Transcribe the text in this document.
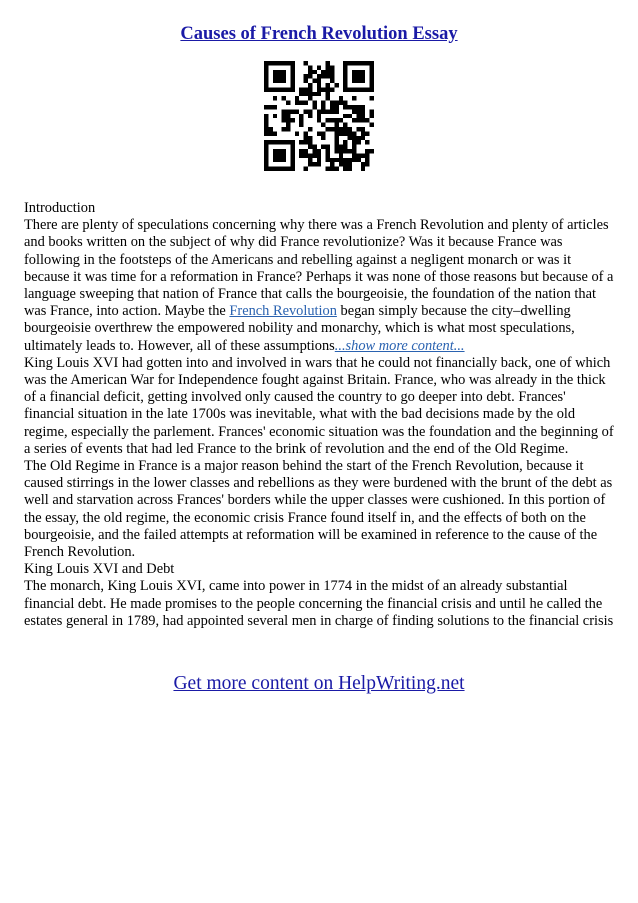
Causes of French Revolution Essay

Introduction

There are plenty of speculations concerning why there was a French Revolution and plenty of articles and books written on the subject of why did France revolutionize? Was it because France was following in the footsteps of the Americans and rebelling against a negligent monarch or was it because it was time for a reformation in France? Perhaps it was none of those reasons but because of a language sweeping that nation of France that calls the bourgeoisie, the foundation of the nation that was France, into action. Maybe the French Revolution began simply because the city–dwelling bourgeoisie overthrew the empowered nobility and monarchy, which is what most speculations, ultimately leads to. However, all of these assumptions...show more content...

King Louis XVI had gotten into and involved in wars that he could not financially back, one of which was the American War for Independence fought against Britain. France, who was already in the thick of a financial deficit, getting involved only caused the country to go deeper into debt. Frances' financial situation in the late 1700s was inevitable, what with the bad decisions made by the old regime, especially the parlement. Frances' economic situation was the foundation and the beginning of a series of events that had led France to the brink of revolution and the end of the Old Regime.

The Old Regime in France is a major reason behind the start of the French Revolution, because it caused stirrings in the lower classes and rebellions as they were burdened with the brunt of the debt as well and starvation across Frances' borders while the upper classes were cushioned. In this portion of the essay, the old regime, the economic crisis France found itself in, and the effects of both on the bourgeoisie, and the failed attempts at reformation will be examined in reference to the cause of the French Revolution.

King Louis XVI and Debt

The monarch, King Louis XVI, came into power in 1774 in the midst of an already substantial financial debt. He made promises to the people concerning the financial crisis and until he called the estates general in 1789, had appointed several men in charge of finding solutions to the financial crisis

Get more content on HelpWriting.net
